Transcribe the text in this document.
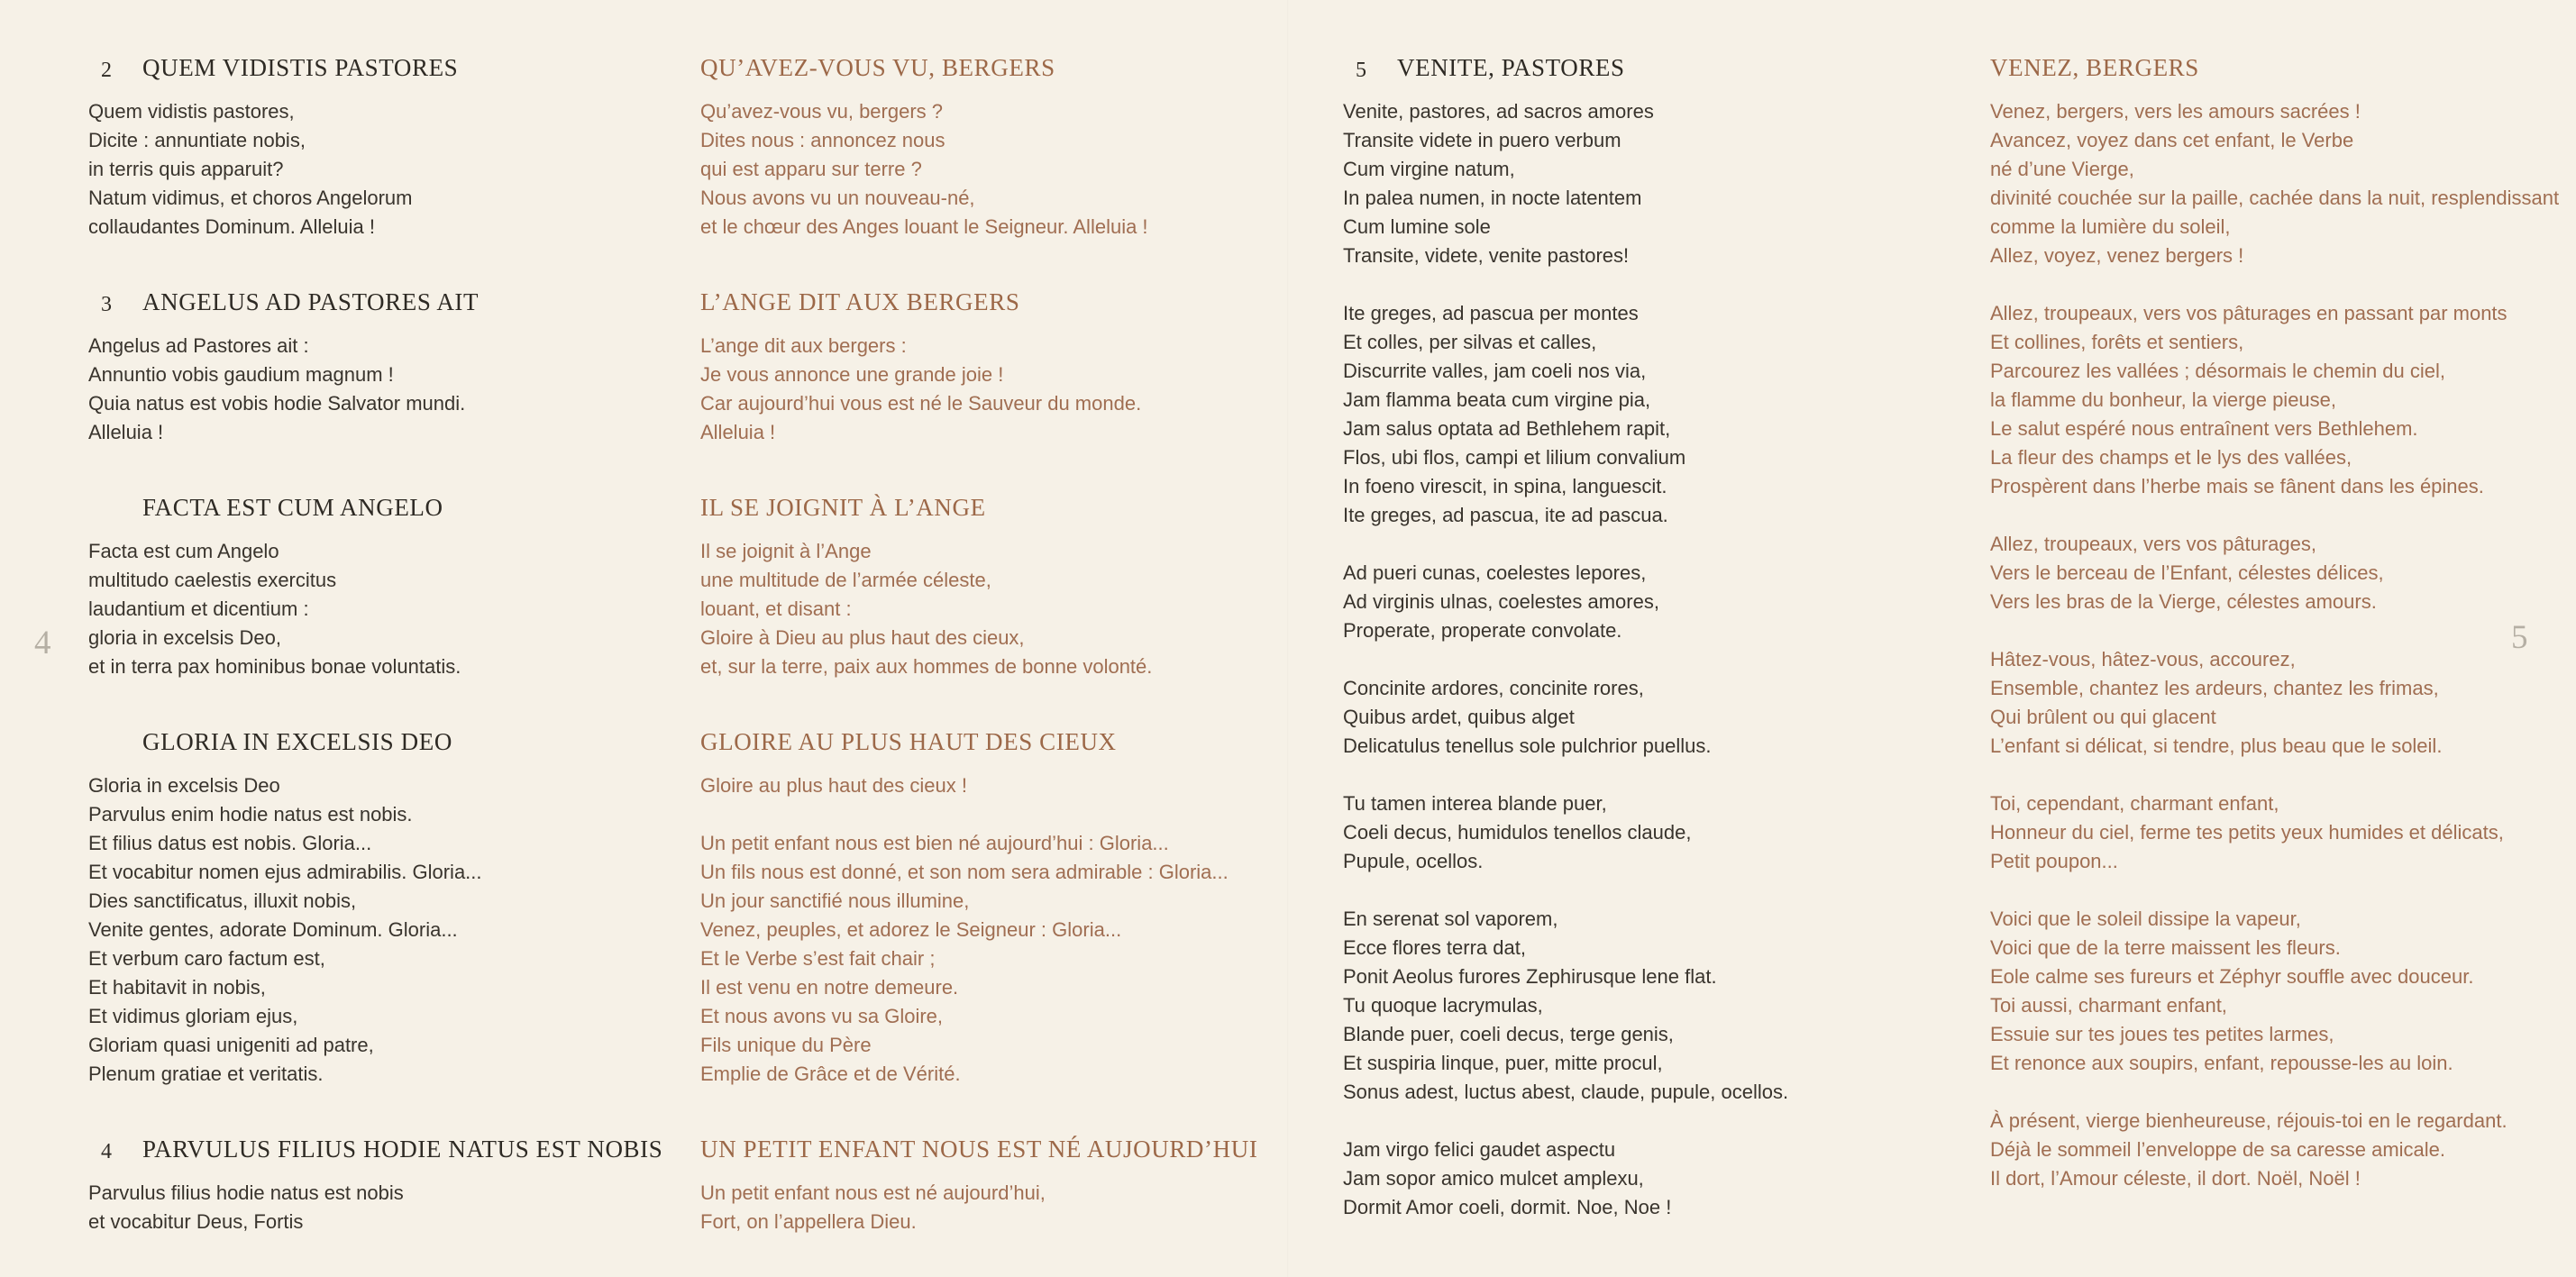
4	5
2 QUEM VIDISTIS PASTORES

Quem vidistis pastores,

Dicite : annuntiate nobis,

in terris quis apparuit?

Natum vidimus, et choros Angelorum

collaudantes Dominum. Alleluia !

3 ANGELUS AD PASTORES AIT

Angelus ad Pastores ait :

Annuntio vobis gaudium magnum !

Quia natus est vobis hodie Salvator mundi.

Alleluia !

FACTA EST CUM ANGELO

Facta est cum Angelo

multitudo caelestis exercitus

laudantium et dicentium :

gloria in excelsis Deo,

et in terra pax hominibus bonae voluntatis.

GLORIA IN EXCELSIS DEO

Gloria in excelsis Deo

Parvulus enim hodie natus est nobis.

Et filius datus est nobis. Gloria...

Et vocabitur nomen ejus admirabilis. Gloria...

Dies sanctificatus, illuxit nobis,

Venite gentes, adorate Dominum. Gloria...

Et verbum caro factum est,

Et habitavit in nobis,

Et vidimus gloriam ejus,

Gloriam quasi unigeniti ad patre,

Plenum gratiae et veritatis.

4 PARVULUS FILIUS HODIE NATUS EST NOBIS

Parvulus filius hodie natus est nobis

et vocabitur Deus, Fortis

QU’AVEZ-VOUS VU, BERGERS

Qu’avez-vous vu, bergers ?

Dites nous : annoncez nous

qui est apparu sur terre ?

Nous avons vu un nouveau-né,

et le chœur des Anges louant le Seigneur. Alleluia !

L’ANGE DIT AUX BERGERS

L’ange dit aux bergers :

Je vous annonce une grande joie !

Car aujourd’hui vous est né le Sauveur du monde.

Alleluia !

IL SE JOIGNIT À L’ANGE

Il se joignit à l’Ange

une multitude de l’armée céleste,

louant, et disant :

Gloire à Dieu au plus haut des cieux,

et, sur la terre, paix aux hommes de bonne volonté.

GLOIRE AU PLUS HAUT DES CIEUX

Gloire au plus haut des cieux !

Un petit enfant nous est bien né aujourd’hui : Gloria...

Un fils nous est donné, et son nom sera admirable : Gloria...

Un jour sanctifié nous illumine,

Venez, peuples, et adorez le Seigneur : Gloria...

Et le Verbe s’est fait chair ;

Il est venu en notre demeure.

Et nous avons vu sa Gloire,

Fils unique du Père

Emplie de Grâce et de Vérité.

UN PETIT ENFANT NOUS EST NÉ AUJOURD’HUI

Un petit enfant nous est né aujourd’hui,

Fort, on l’appellera Dieu.

5 VENITE, PASTORES

Venite, pastores, ad sacros amores

Transite videte in puero verbum

Cum virgine natum,

In palea numen, in nocte latentem

Cum lumine sole

Transite, videte, venite pastores!

Ite greges, ad pascua per montes

Et colles, per silvas et calles,

Discurrite valles, jam coeli nos via,

Jam flamma beata cum virgine pia,

Jam salus optata ad Bethlehem rapit,

Flos, ubi flos, campi et lilium convalium

In foeno virescit, in spina, languescit.

Ite greges, ad pascua, ite ad pascua.

Ad pueri cunas, coelestes lepores,

Ad virginis ulnas, coelestes amores,

Properate, properate convolate.

Concinite ardores, concinite rores,

Quibus ardet, quibus alget

Delicatulus tenellus sole pulchrior puellus.

Tu tamen interea blande puer,

Coeli decus, humidulos tenellos claude,

Pupule, ocellos.

En serenat sol vaporem,

Ecce flores terra dat,

Ponit Aeolus furores Zephirusque lene flat.

Tu quoque lacrymulas,

Blande puer, coeli decus, terge genis,

Et suspiria linque, puer, mitte procul,

Sonus adest, luctus abest, claude, pupule, ocellos.

Jam virgo felici gaudet aspectu

Jam sopor amico mulcet amplexu,

Dormit Amor coeli, dormit. Noe, Noe !

VENEZ, BERGERS

Venez, bergers, vers les amours sacrées !

Avancez, voyez dans cet enfant, le Verbe

né d’une Vierge,

divinité couchée sur la paille, cachée dans la nuit, resplendissant

comme la lumière du soleil,

Allez, voyez, venez bergers !

Allez, troupeaux, vers vos pâturages en passant par monts

Et collines, forêts et sentiers,

Parcourez les vallées ; désormais le chemin du ciel,

la flamme du bonheur, la vierge pieuse,

Le salut espéré nous entraînent vers Bethlehem.

La fleur des champs et le lys des vallées,

Prospèrent dans l’herbe mais se fânent dans les épines.

Allez, troupeaux, vers vos pâturages,

Vers le berceau de l’Enfant, célestes délices,

Vers les bras de la Vierge, célestes amours.

Hâtez-vous, hâtez-vous, accourez,

Ensemble, chantez les ardeurs, chantez les frimas,

Qui brûlent ou qui glacent

L’enfant si délicat, si tendre, plus beau que le soleil.

Toi, cependant, charmant enfant,

Honneur du ciel, ferme tes petits yeux humides et délicats,

Petit poupon...

Voici que le soleil dissipe la vapeur,

Voici que de la terre maissent les fleurs.

Eole calme ses fureurs et Zéphyr souffle avec douceur.

Toi aussi, charmant enfant,

Essuie sur tes joues tes petites larmes,

Et renonce aux soupirs, enfant, repousse-les au loin.

À présent, vierge bienheureuse, réjouis-toi en le regardant.

Déjà le sommeil l’enveloppe de sa caresse amicale.

Il dort, l’Amour céleste, il dort. Noël, Noël !
